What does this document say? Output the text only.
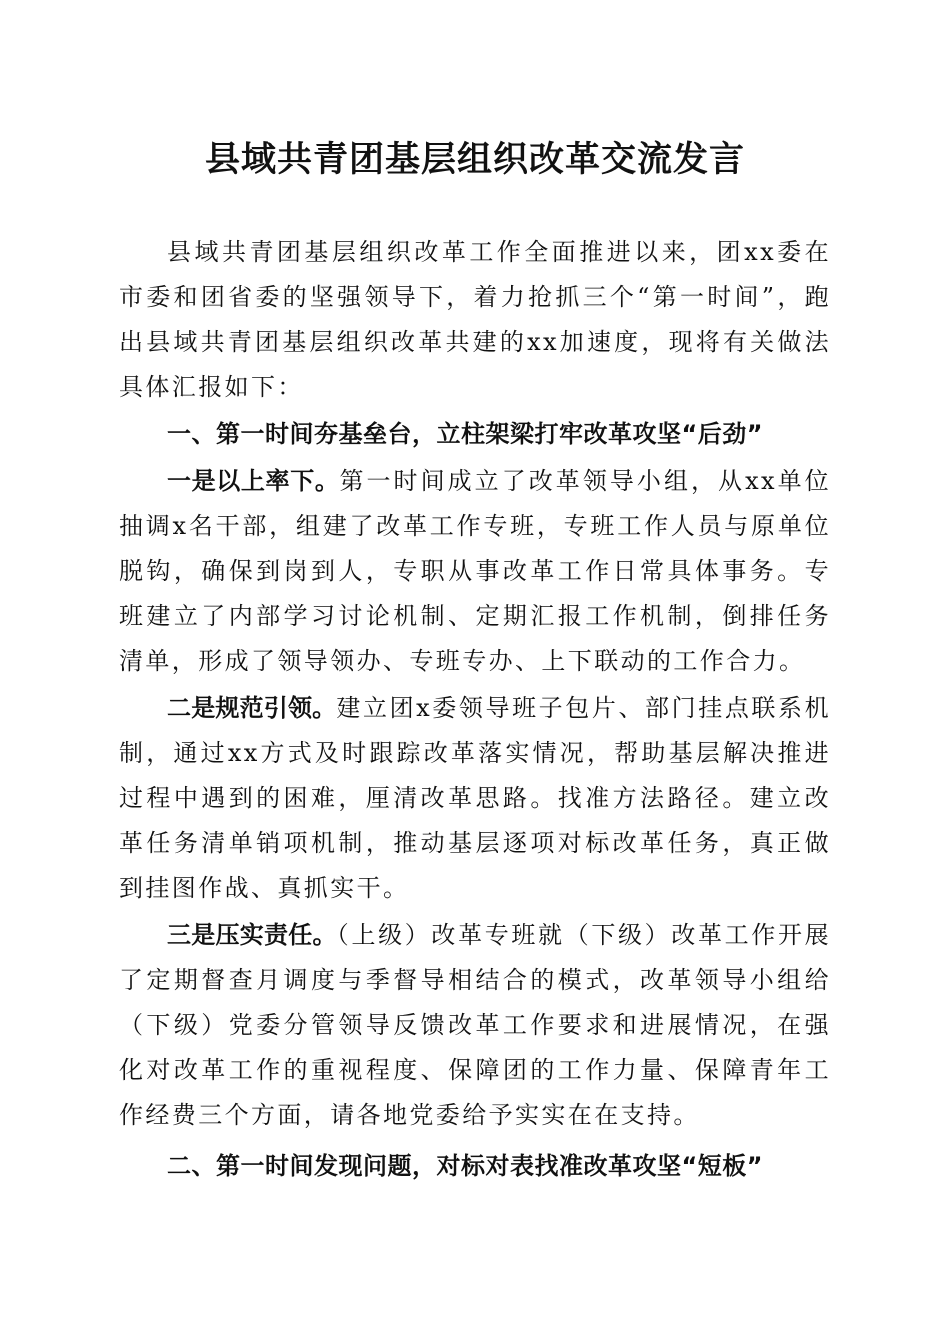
县域共青团基层组织改革交流发言

县域共青团基层组织改革工作全面推进以来，团xx委在市委和团省委的坚强领导下，着力抢抓三个“第一时间”，跑出县域共青团基层组织改革共建的xx加速度，现将有关做法具体汇报如下：

一、第一时间夯基垒台，立柱架梁打牢改革攻坚“后劲”

一是以上率下。第一时间成立了改革领导小组，从xx单位抽调x名干部，组建了改革工作专班，专班工作人员与原单位脱钩，确保到岗到人，专职从事改革工作日常具体事务。专班建立了内部学习讨论机制、定期汇报工作机制，倒排任务清单，形成了领导领办、专班专办、上下联动的工作合力。

二是规范引领。建立团x委领导班子包片、部门挂点联系机制，通过xx方式及时跟踪改革落实情况，帮助基层解决推进过程中遇到的困难，厘清改革思路。找准方法路径。建立改革任务清单销项机制，推动基层逐项对标改革任务，真正做到挂图作战、真抓实干。

三是压实责任。（上级）改革专班就（下级）改革工作开展了定期督查月调度与季督导相结合的模式，改革领导小组给（下级）党委分管领导反馈改革工作要求和进展情况，在强化对改革工作的重视程度、保障团的工作力量、保障青年工作经费三个方面，请各地党委给予实实在在支持。

二、第一时间发现问题，对标对表找准改革攻坚“短板”
